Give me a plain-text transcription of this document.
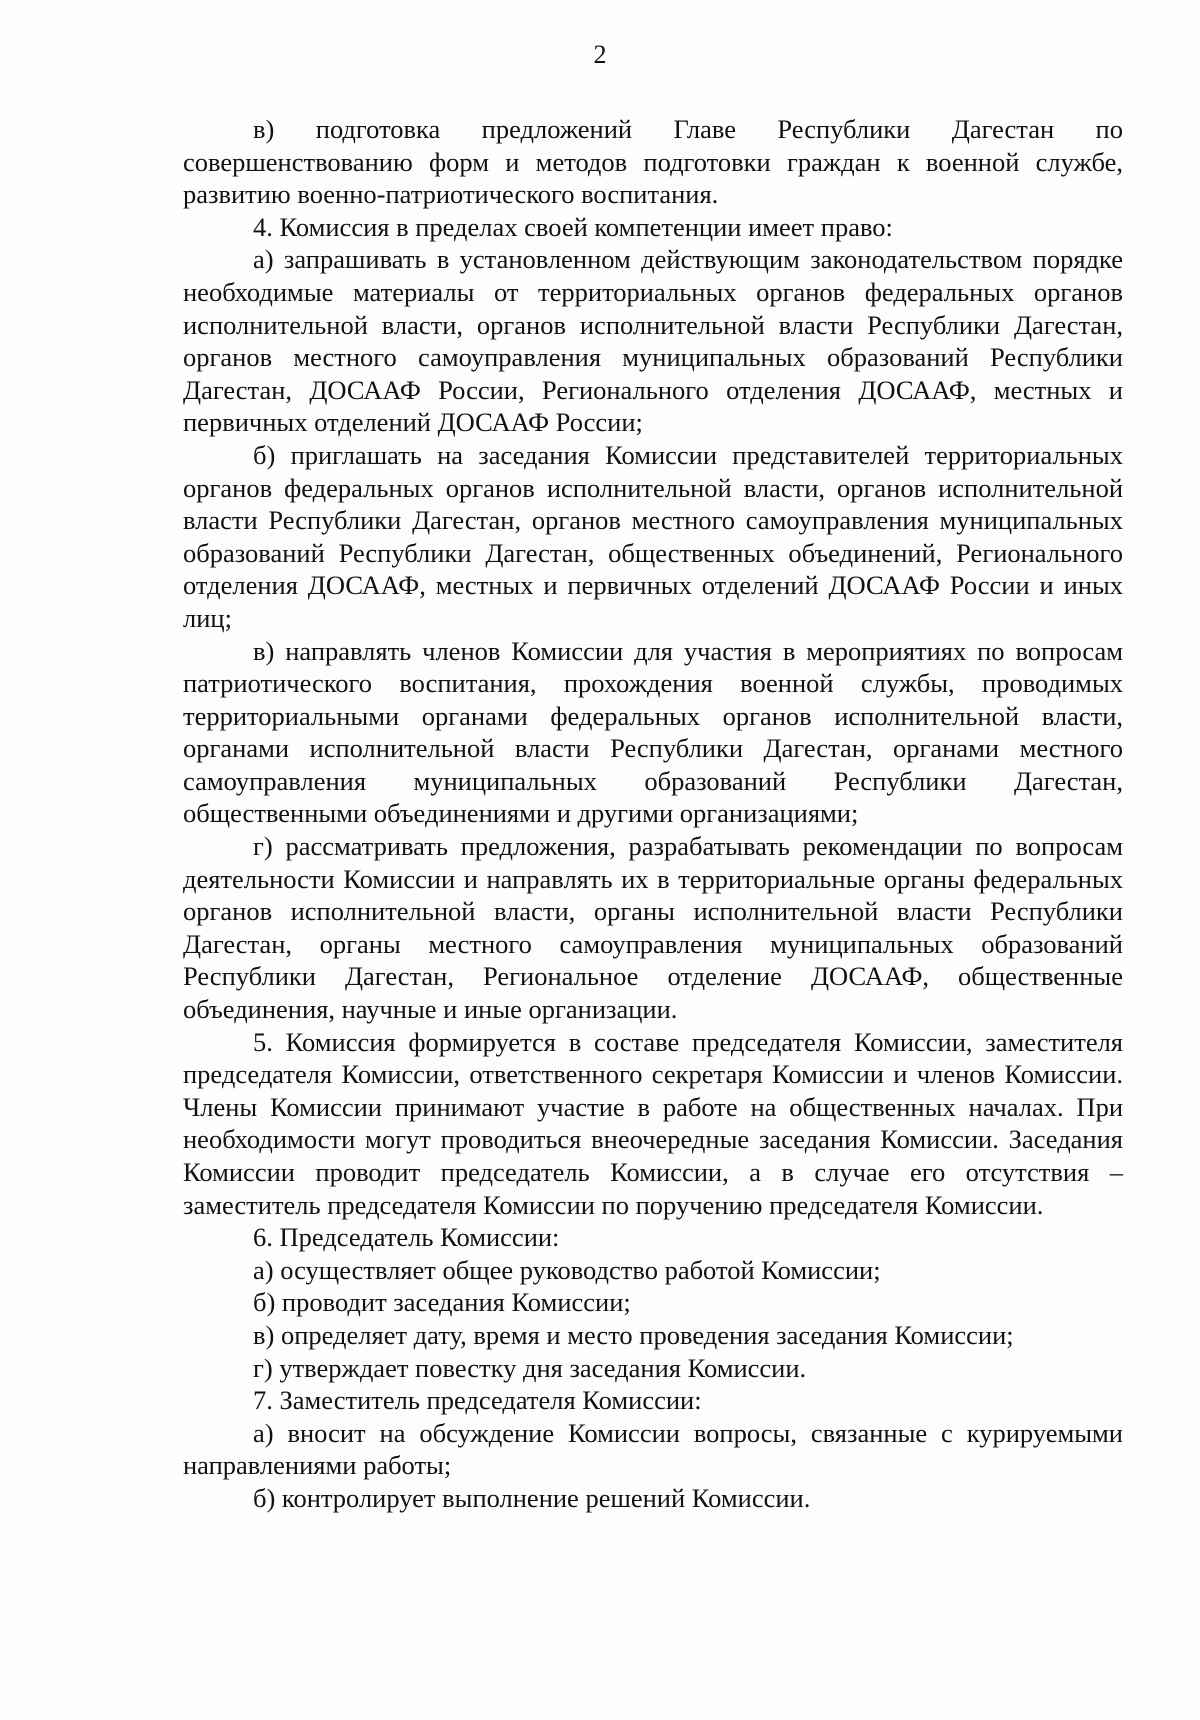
2

в) подготовка предложений Главе Республики Дагестан по совершенствованию форм и методов подготовки граждан к военной службе, развитию военно-патриотического воспитания.

4. Комиссия в пределах своей компетенции имеет право:

а) запрашивать в установленном действующим законодательством порядке необходимые материалы от территориальных органов федеральных органов исполнительной власти, органов исполнительной власти Республики Дагестан, органов местного самоуправления муниципальных образований Республики Дагестан, ДОСААФ России, Регионального отделения ДОСААФ, местных и первичных отделений ДОСААФ России;

б) приглашать на заседания Комиссии представителей территориальных органов федеральных органов исполнительной власти, органов исполнительной власти Республики Дагестан, органов местного самоуправления муниципальных образований Республики Дагестан, общественных объединений, Регионального отделения ДОСААФ, местных и первичных отделений ДОСААФ России и иных лиц;

в) направлять членов Комиссии для участия в мероприятиях по вопросам патриотического воспитания, прохождения военной службы, проводимых территориальными органами федеральных органов исполнительной власти, органами исполнительной власти Республики Дагестан, органами местного самоуправления муниципальных образований Республики Дагестан, общественными объединениями и другими организациями;

г) рассматривать предложения, разрабатывать рекомендации по вопросам деятельности Комиссии и направлять их в территориальные органы федеральных органов исполнительной власти, органы исполнительной власти Республики Дагестан, органы местного самоуправления муниципальных образований Республики Дагестан, Региональное отделение ДОСААФ, общественные объединения, научные и иные организации.

5. Комиссия формируется в составе председателя Комиссии, заместителя председателя Комиссии, ответственного секретаря Комиссии и членов Комиссии. Члены Комиссии принимают участие в работе на общественных началах. При необходимости могут проводиться внеочередные заседания Комиссии. Заседания Комиссии проводит председатель Комиссии, а в случае его отсутствия – заместитель председателя Комиссии по поручению председателя Комиссии.

6. Председатель Комиссии:

а) осуществляет общее руководство работой Комиссии;

б) проводит заседания Комиссии;

в) определяет дату, время и место проведения заседания Комиссии;

г) утверждает повестку дня заседания Комиссии.

7. Заместитель председателя Комиссии:

а) вносит на обсуждение Комиссии вопросы, связанные с курируемыми направлениями работы;

б) контролирует выполнение решений Комиссии.
